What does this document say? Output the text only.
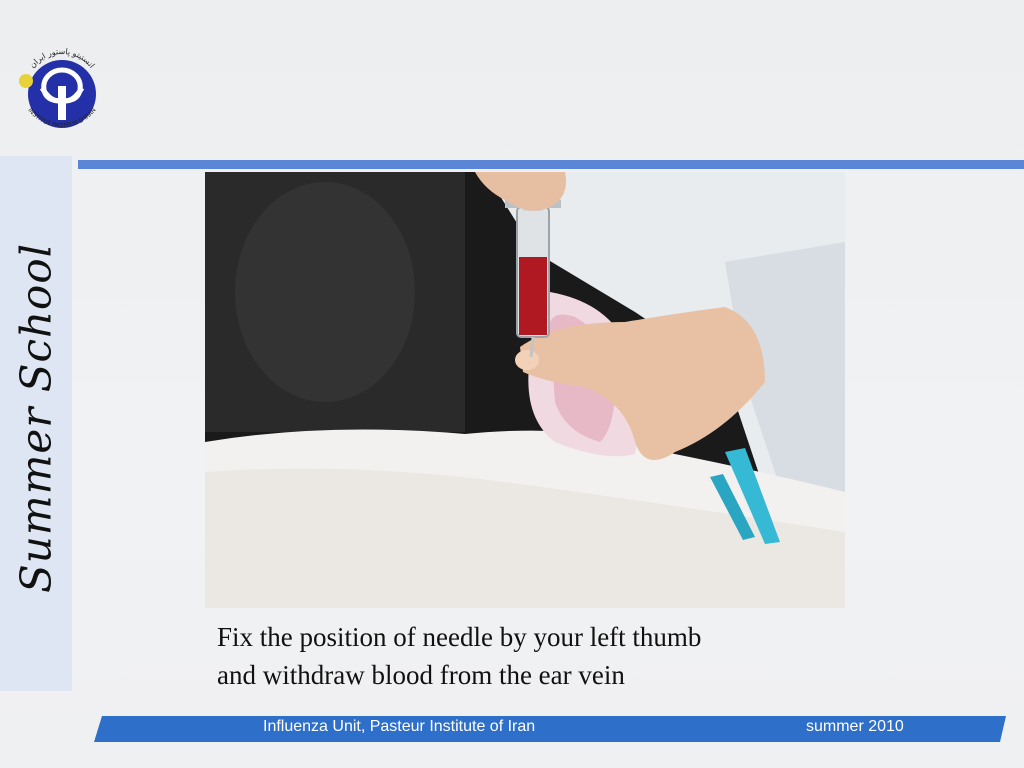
انستیتو پاستور ایران
INSTITUT PASTEUR D'IRAN
Summer School
Fix the position of needle by your left thumb
and withdraw blood from the ear vein
Influenza Unit, Pasteur Institute of Iran	summer 2010
